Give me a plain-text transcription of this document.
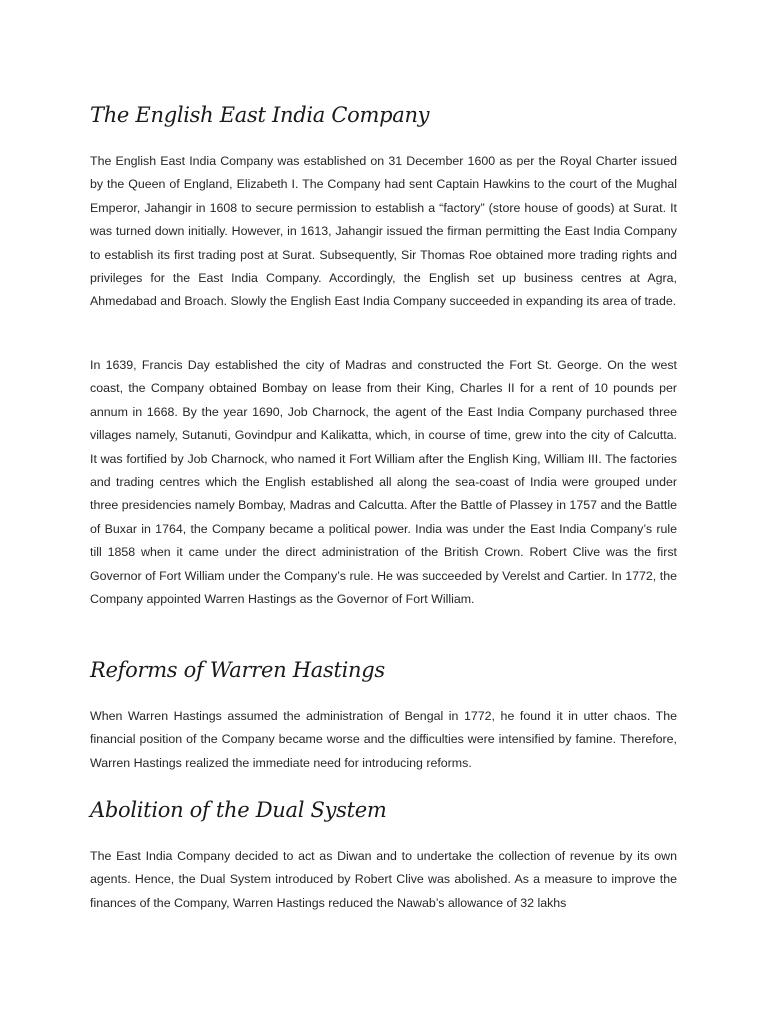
The English East India Company

The English East India Company was established on 31 December 1600 as per the Royal Charter issued by the Queen of England, Elizabeth I. The Company had sent Captain Hawkins to the court of the Mughal Emperor, Jahangir in 1608 to secure permission to establish a “factory” (store house of goods) at Surat. It was turned down initially. However, in 1613, Jahangir issued the firman permitting the East India Company to establish its first trading post at Surat. Subsequently, Sir Thomas Roe obtained more trading rights and privileges for the East India Company. Accordingly, the English set up business centres at Agra, Ahmedabad and Broach. Slowly the English East India Company succeeded in expanding its area of trade.

In 1639, Francis Day established the city of Madras and constructed the Fort St. George. On the west coast, the Company obtained Bombay on lease from their King, Charles II for a rent of 10 pounds per annum in 1668. By the year 1690, Job Charnock, the agent of the East India Company purchased three villages namely, Sutanuti, Govindpur and Kalikatta, which, in course of time, grew into the city of Calcutta. It was fortified by Job Charnock, who named it Fort William after the English King, William III. The factories and trading centres which the English established all along the sea-coast of India were grouped under three presidencies namely Bombay, Madras and Calcutta. After the Battle of Plassey in 1757 and the Battle of Buxar in 1764, the Company became a political power. India was under the East India Company’s rule till 1858 when it came under the direct administration of the British Crown. Robert Clive was the first Governor of Fort William under the Company’s rule. He was succeeded by Verelst and Cartier. In 1772, the Company appointed Warren Hastings as the Governor of Fort William.

Reforms of Warren Hastings

When Warren Hastings assumed the administration of Bengal in 1772, he found it in utter chaos. The financial position of the Company became worse and the difficulties were intensified by famine. Therefore, Warren Hastings realized the immediate need for introducing reforms.

Abolition of the Dual System

The East India Company decided to act as Diwan and to undertake the collection of revenue by its own agents. Hence, the Dual System introduced by Robert Clive was abolished. As a measure to improve the finances of the Company, Warren Hastings reduced the Nawab’s allowance of 32 lakhs
